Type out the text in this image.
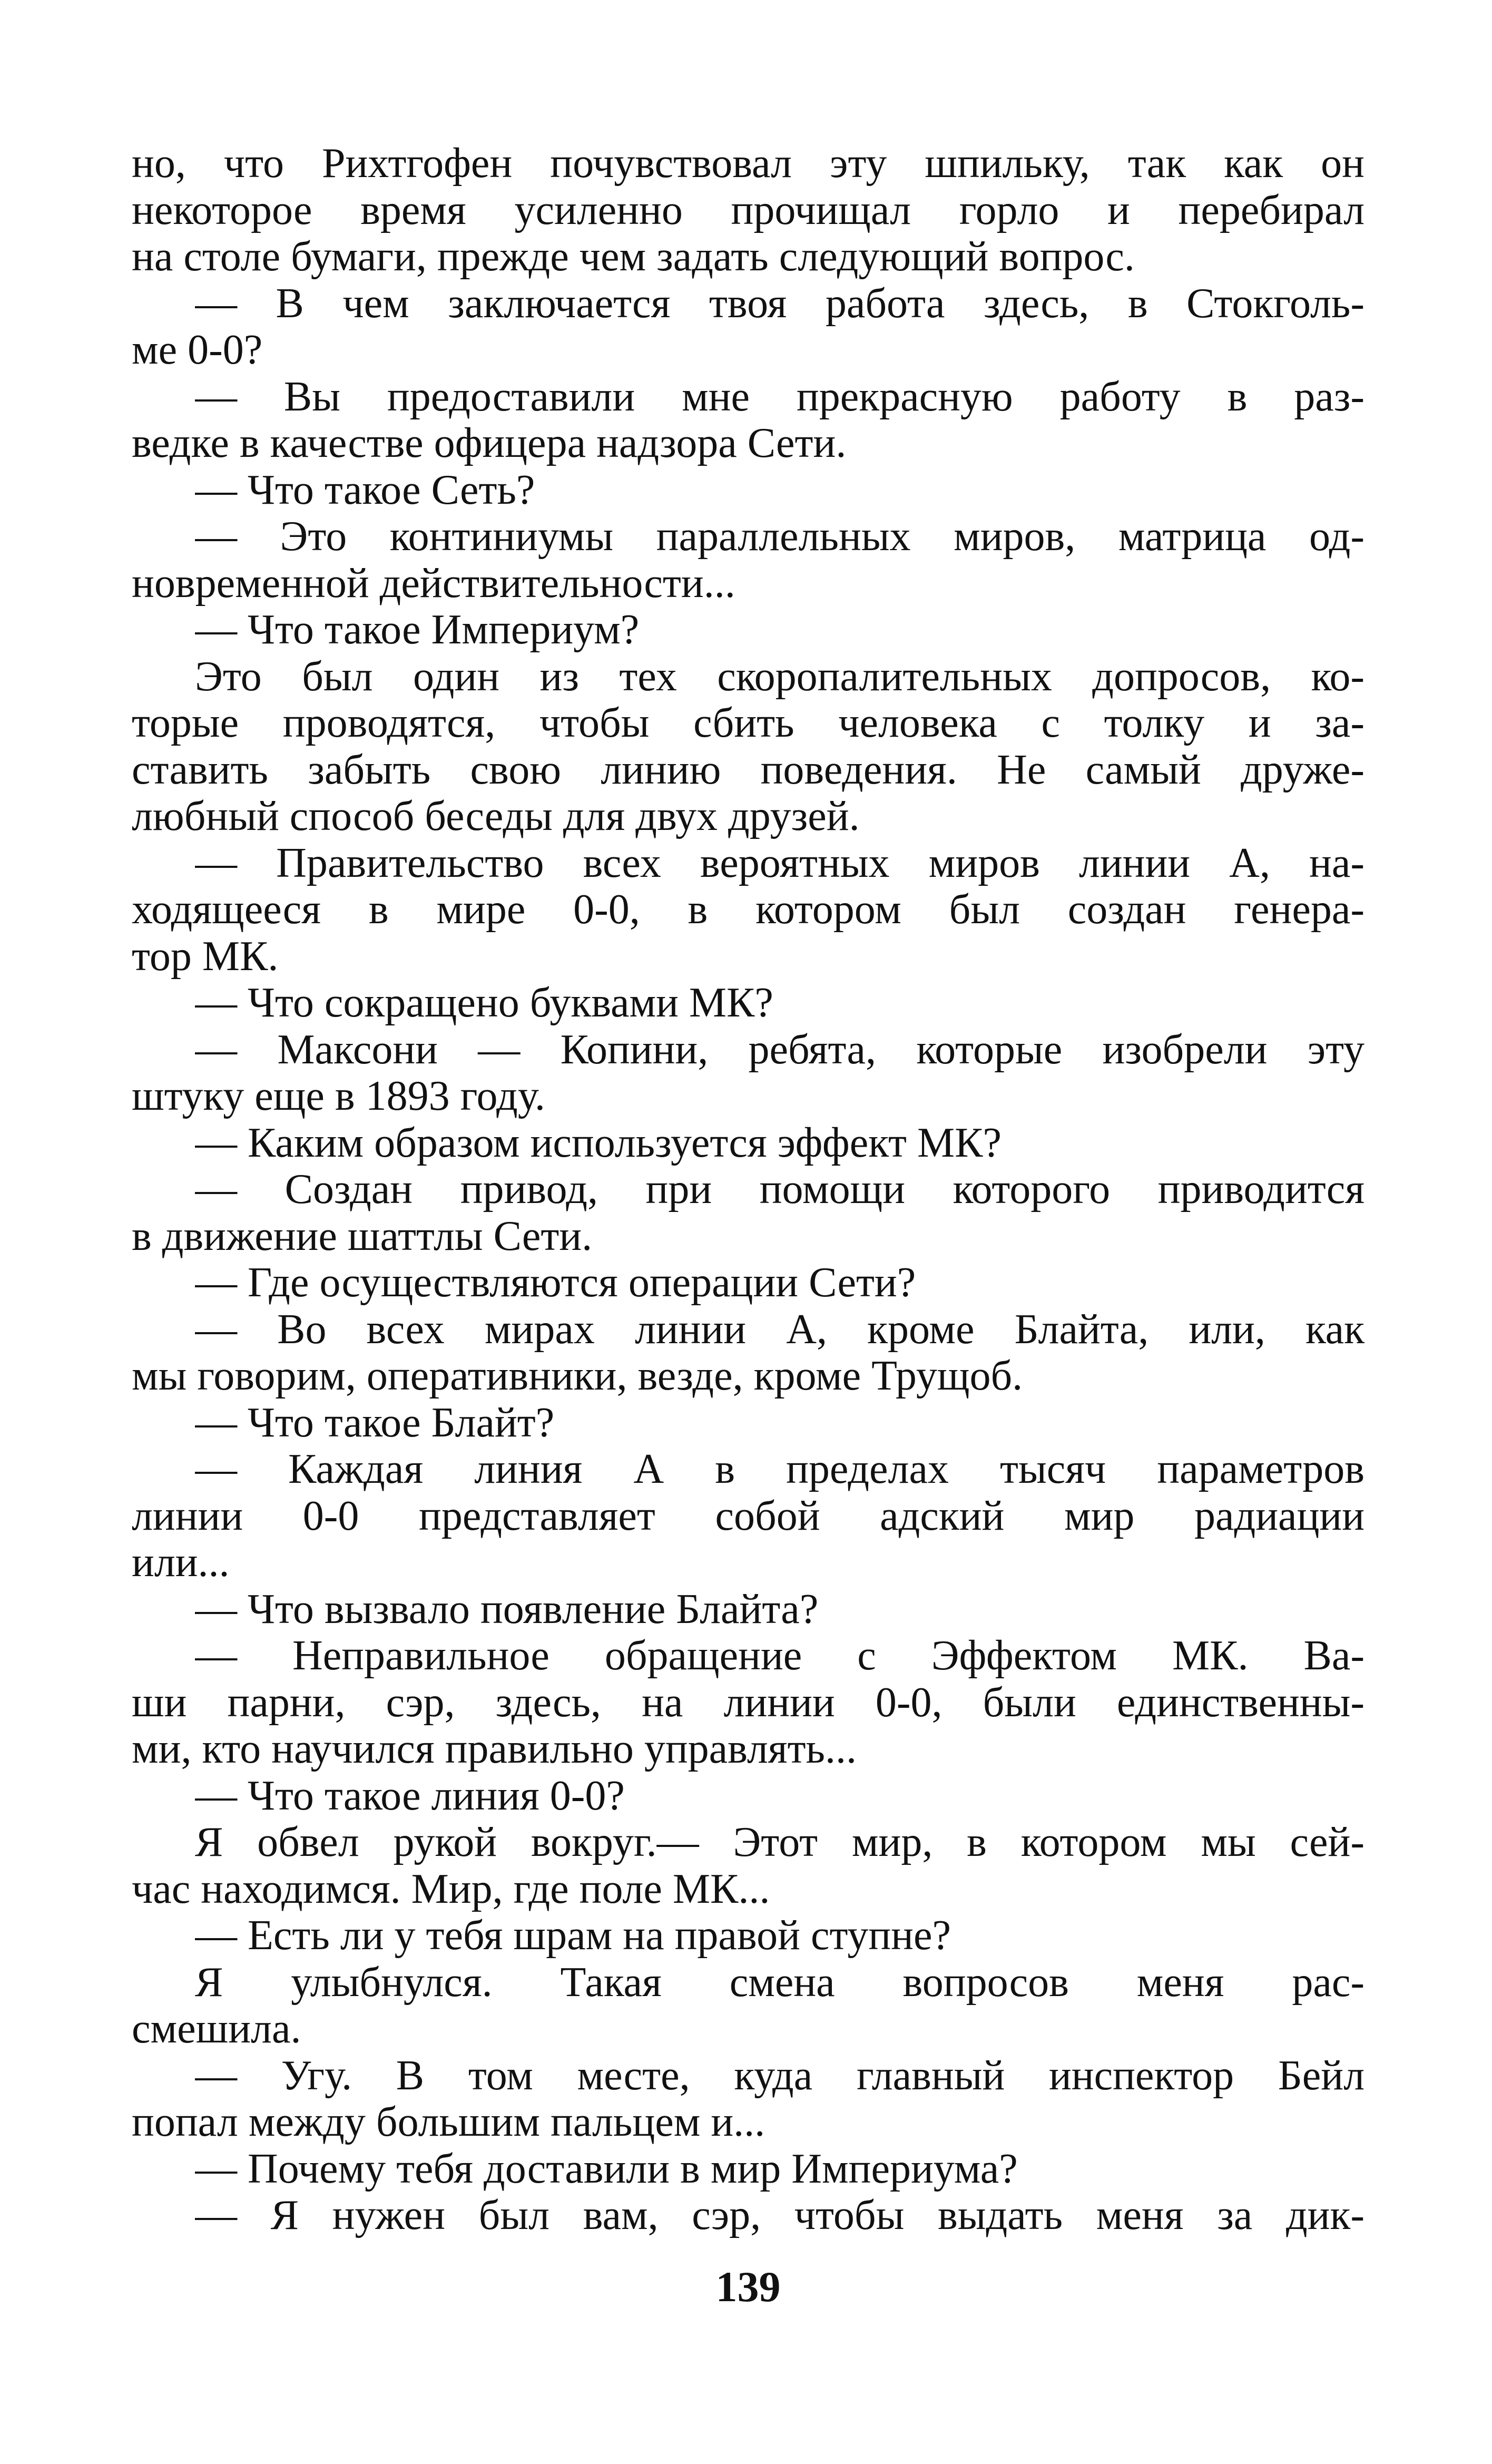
но, что Рихтгофен почувствовал эту шпильку, так как он
некоторое время усиленно прочищал горло и перебирал
на столе бумаги, прежде чем задать следующий вопрос.
— В чем заключается твоя работа здесь, в Стокголь-
ме 0-0?
— Вы предоставили мне прекрасную работу в раз-
ведке в качестве офицера надзора Сети.
— Что такое Сеть?
— Это континиумы параллельных миров, матрица од-
новременной действительности...
— Что такое Империум?
Это был один из тех скоропалительных допросов, ко-
торые проводятся, чтобы сбить человека с толку и за-
ставить забыть свою линию поведения. Не самый друже-
любный способ беседы для двух друзей.
— Правительство всех вероятных миров линии А, на-
ходящееся в мире 0-0, в котором был создан генера-
тор МК.
— Что сокращено буквами МК?
— Максони — Копини, ребята, которые изобрели эту
штуку еще в 1893 году.
— Каким образом используется эффект МК?
— Создан привод, при помощи которого приводится
в движение шаттлы Сети.
— Где осуществляются операции Сети?
— Во всех мирах линии А, кроме Блайта, или, как
мы говорим, оперативники, везде, кроме Трущоб.
— Что такое Блайт?
— Каждая линия А в пределах тысяч параметров
линии 0-0 представляет собой адский мир радиации
или...
— Что вызвало появление Блайта?
— Неправильное обращение с Эффектом МК. Ва-
ши парни, сэр, здесь, на линии 0-0, были единственны-
ми, кто научился правильно управлять...
— Что такое линия 0-0?
Я обвел рукой вокруг.— Этот мир, в котором мы сей-
час находимся. Мир, где поле МК...
— Есть ли у тебя шрам на правой ступне?
Я улыбнулся. Такая смена вопросов меня рас-
смешила.
— Угу. В том месте, куда главный инспектор Бейл
попал между большим пальцем и...
— Почему тебя доставили в мир Империума?
— Я нужен был вам, сэр, чтобы выдать меня за дик-
139
